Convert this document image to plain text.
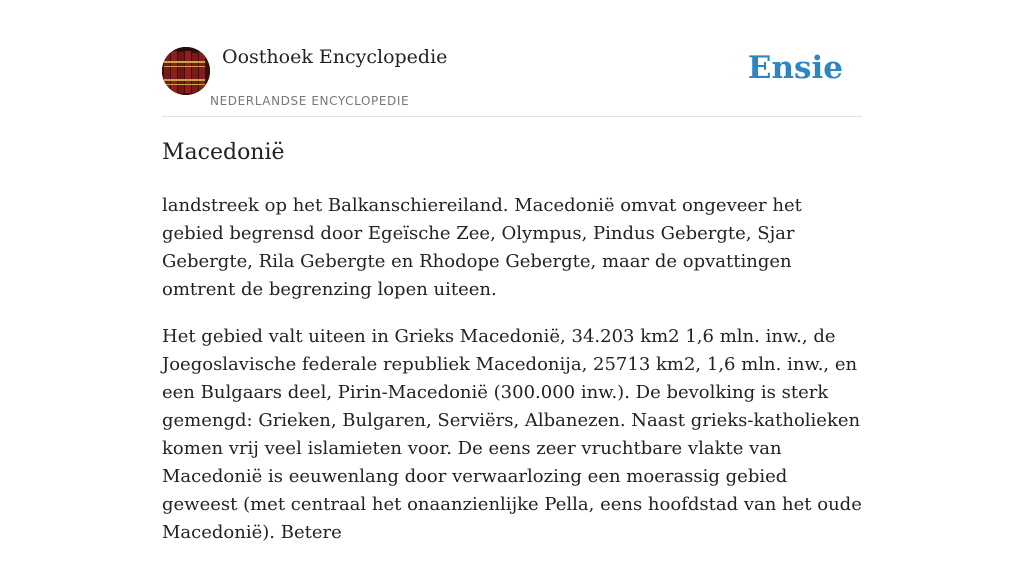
Oosthoek Encyclopedie
NEDERLANDSE ENCYCLOPEDIE
Ensie
Macedonië

landstreek op het Balkanschiereiland. Macedonië omvat ongeveer het gebied begrensd door Egeïsche Zee, Olympus, Pindus Gebergte, Sjar Gebergte, Rila Gebergte en Rhodope Gebergte, maar de opvattingen omtrent de begrenzing lopen uiteen.

Het gebied valt uiteen in Grieks Macedonië, 34.203 km2 1,6 mln. inw., de Joegoslavische federale republiek Macedonija, 25713 km2, 1,6 mln. inw., en een Bulgaars deel, Pirin-Macedonië (300.000 inw.). De bevolking is sterk gemengd: Grieken, Bulgaren, Serviërs, Albanezen. Naast grieks-katholieken komen vrij veel islamieten voor. De eens zeer vruchtbare vlakte van Macedonië is eeuwenlang door verwaarlozing een moerassig gebied geweest (met centraal het onaanzienlijke Pella, eens hoofdstad van het oude Macedonië). Betere
